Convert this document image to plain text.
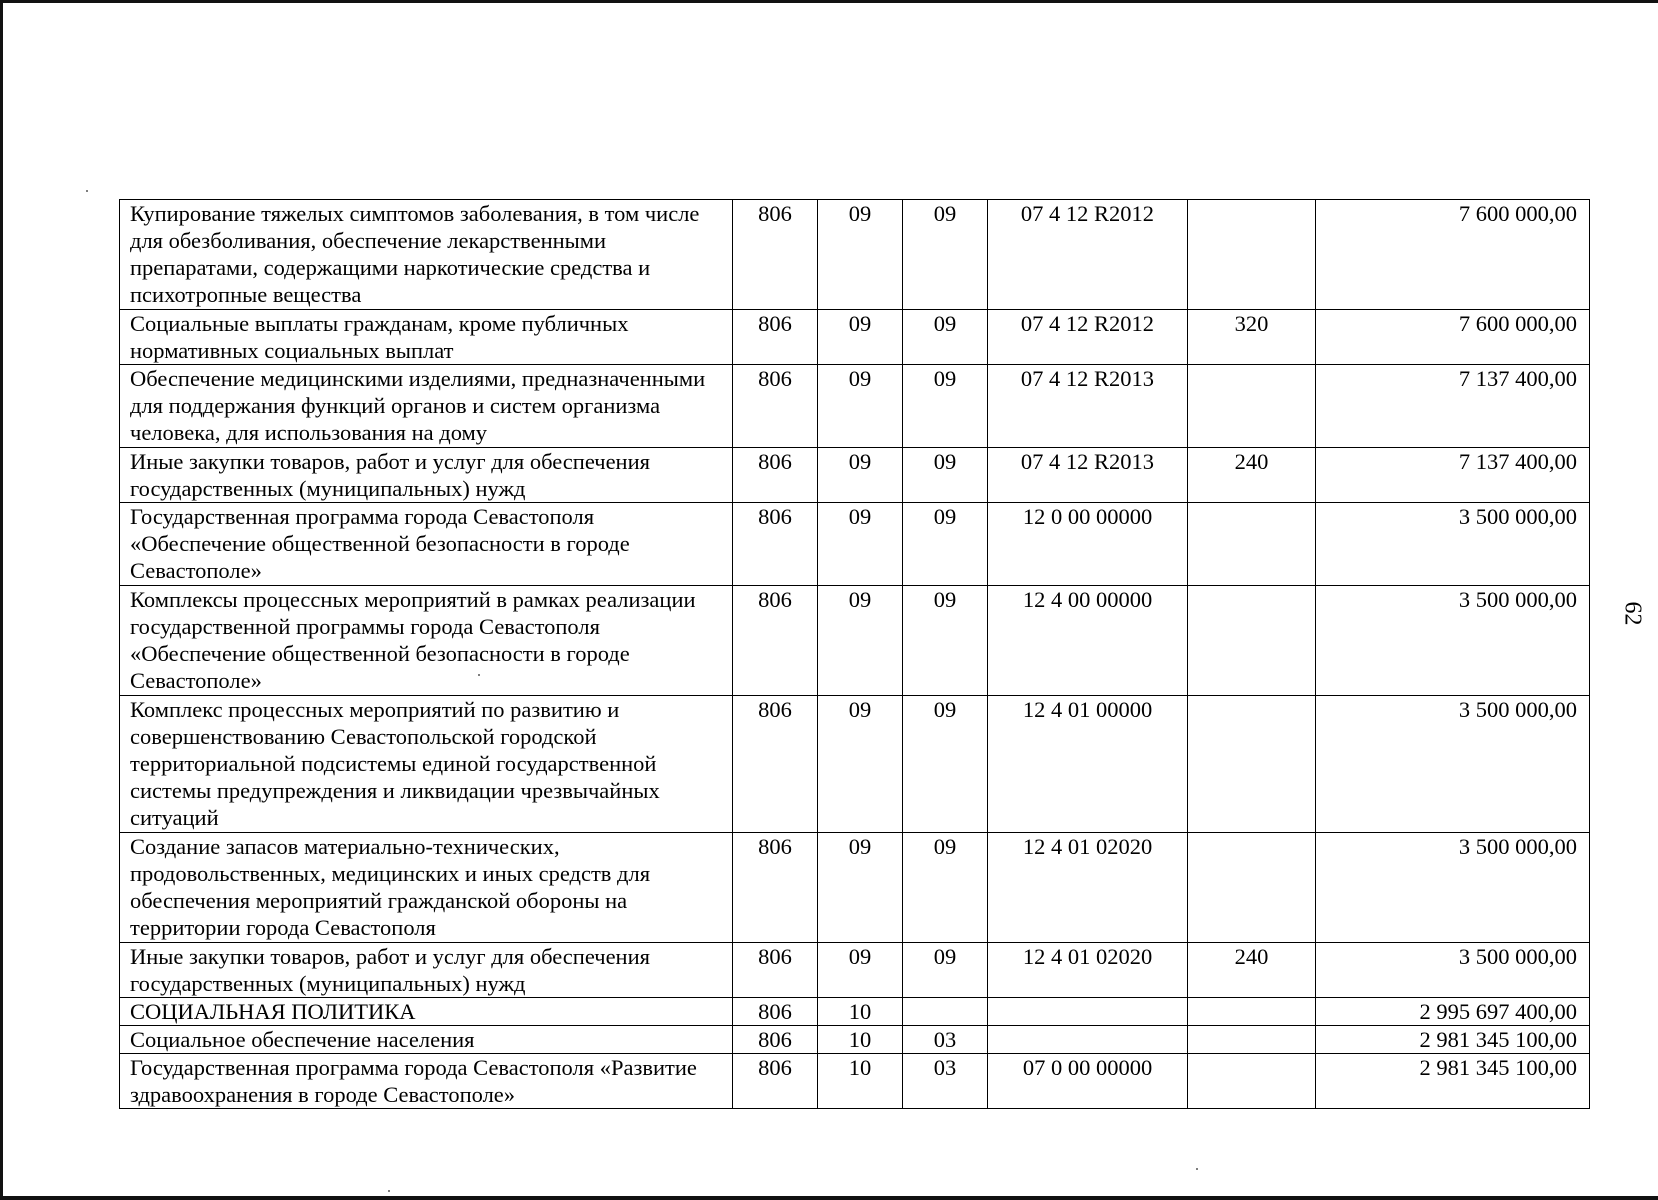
Купирование тяжелых симптомов заболевания, в том числе для обезболивания, обеспечение лекарственными препаратами, содержащими наркотические средства и психотропные вещества	806	09	09	07 4 12 R2012		7 600 000,00
Социальные выплаты гражданам, кроме публичных нормативных социальных выплат	806	09	09	07 4 12 R2012	320	7 600 000,00
Обеспечение медицинскими изделиями, предназначенными для поддержания функций органов и систем организма человека, для использования на дому	806	09	09	07 4 12 R2013		7 137 400,00
Иные закупки товаров, работ и услуг для обеспечения государственных (муниципальных) нужд	806	09	09	07 4 12 R2013	240	7 137 400,00
Государственная программа города Севастополя «Обеспечение общественной безопасности в городе Севастополе»	806	09	09	12 0 00 00000		3 500 000,00
Комплексы процессных мероприятий в рамках реализации государственной программы города Севастополя «Обеспечение общественной безопасности в городе Севастополе»	806	09	09	12 4 00 00000		3 500 000,00
Комплекс процессных мероприятий по развитию и совершенствованию Севастопольской городской территориальной подсистемы единой государственной системы предупреждения и ликвидации чрезвычайных ситуаций	806	09	09	12 4 01 00000		3 500 000,00
Создание запасов материально-технических, продовольственных, медицинских и иных средств для обеспечения мероприятий гражданской обороны на территории города Севастополя	806	09	09	12 4 01 02020		3 500 000,00
Иные закупки товаров, работ и услуг для обеспечения государственных (муниципальных) нужд	806	09	09	12 4 01 02020	240	3 500 000,00
СОЦИАЛЬНАЯ ПОЛИТИКА	806	10				2 995 697 400,00
Социальное обеспечение населения	806	10	03			2 981 345 100,00
Государственная программа города Севастополя «Развитие здравоохранения в городе Севастополе»	806	10	03	07 0 00 00000		2 981 345 100,00
62
